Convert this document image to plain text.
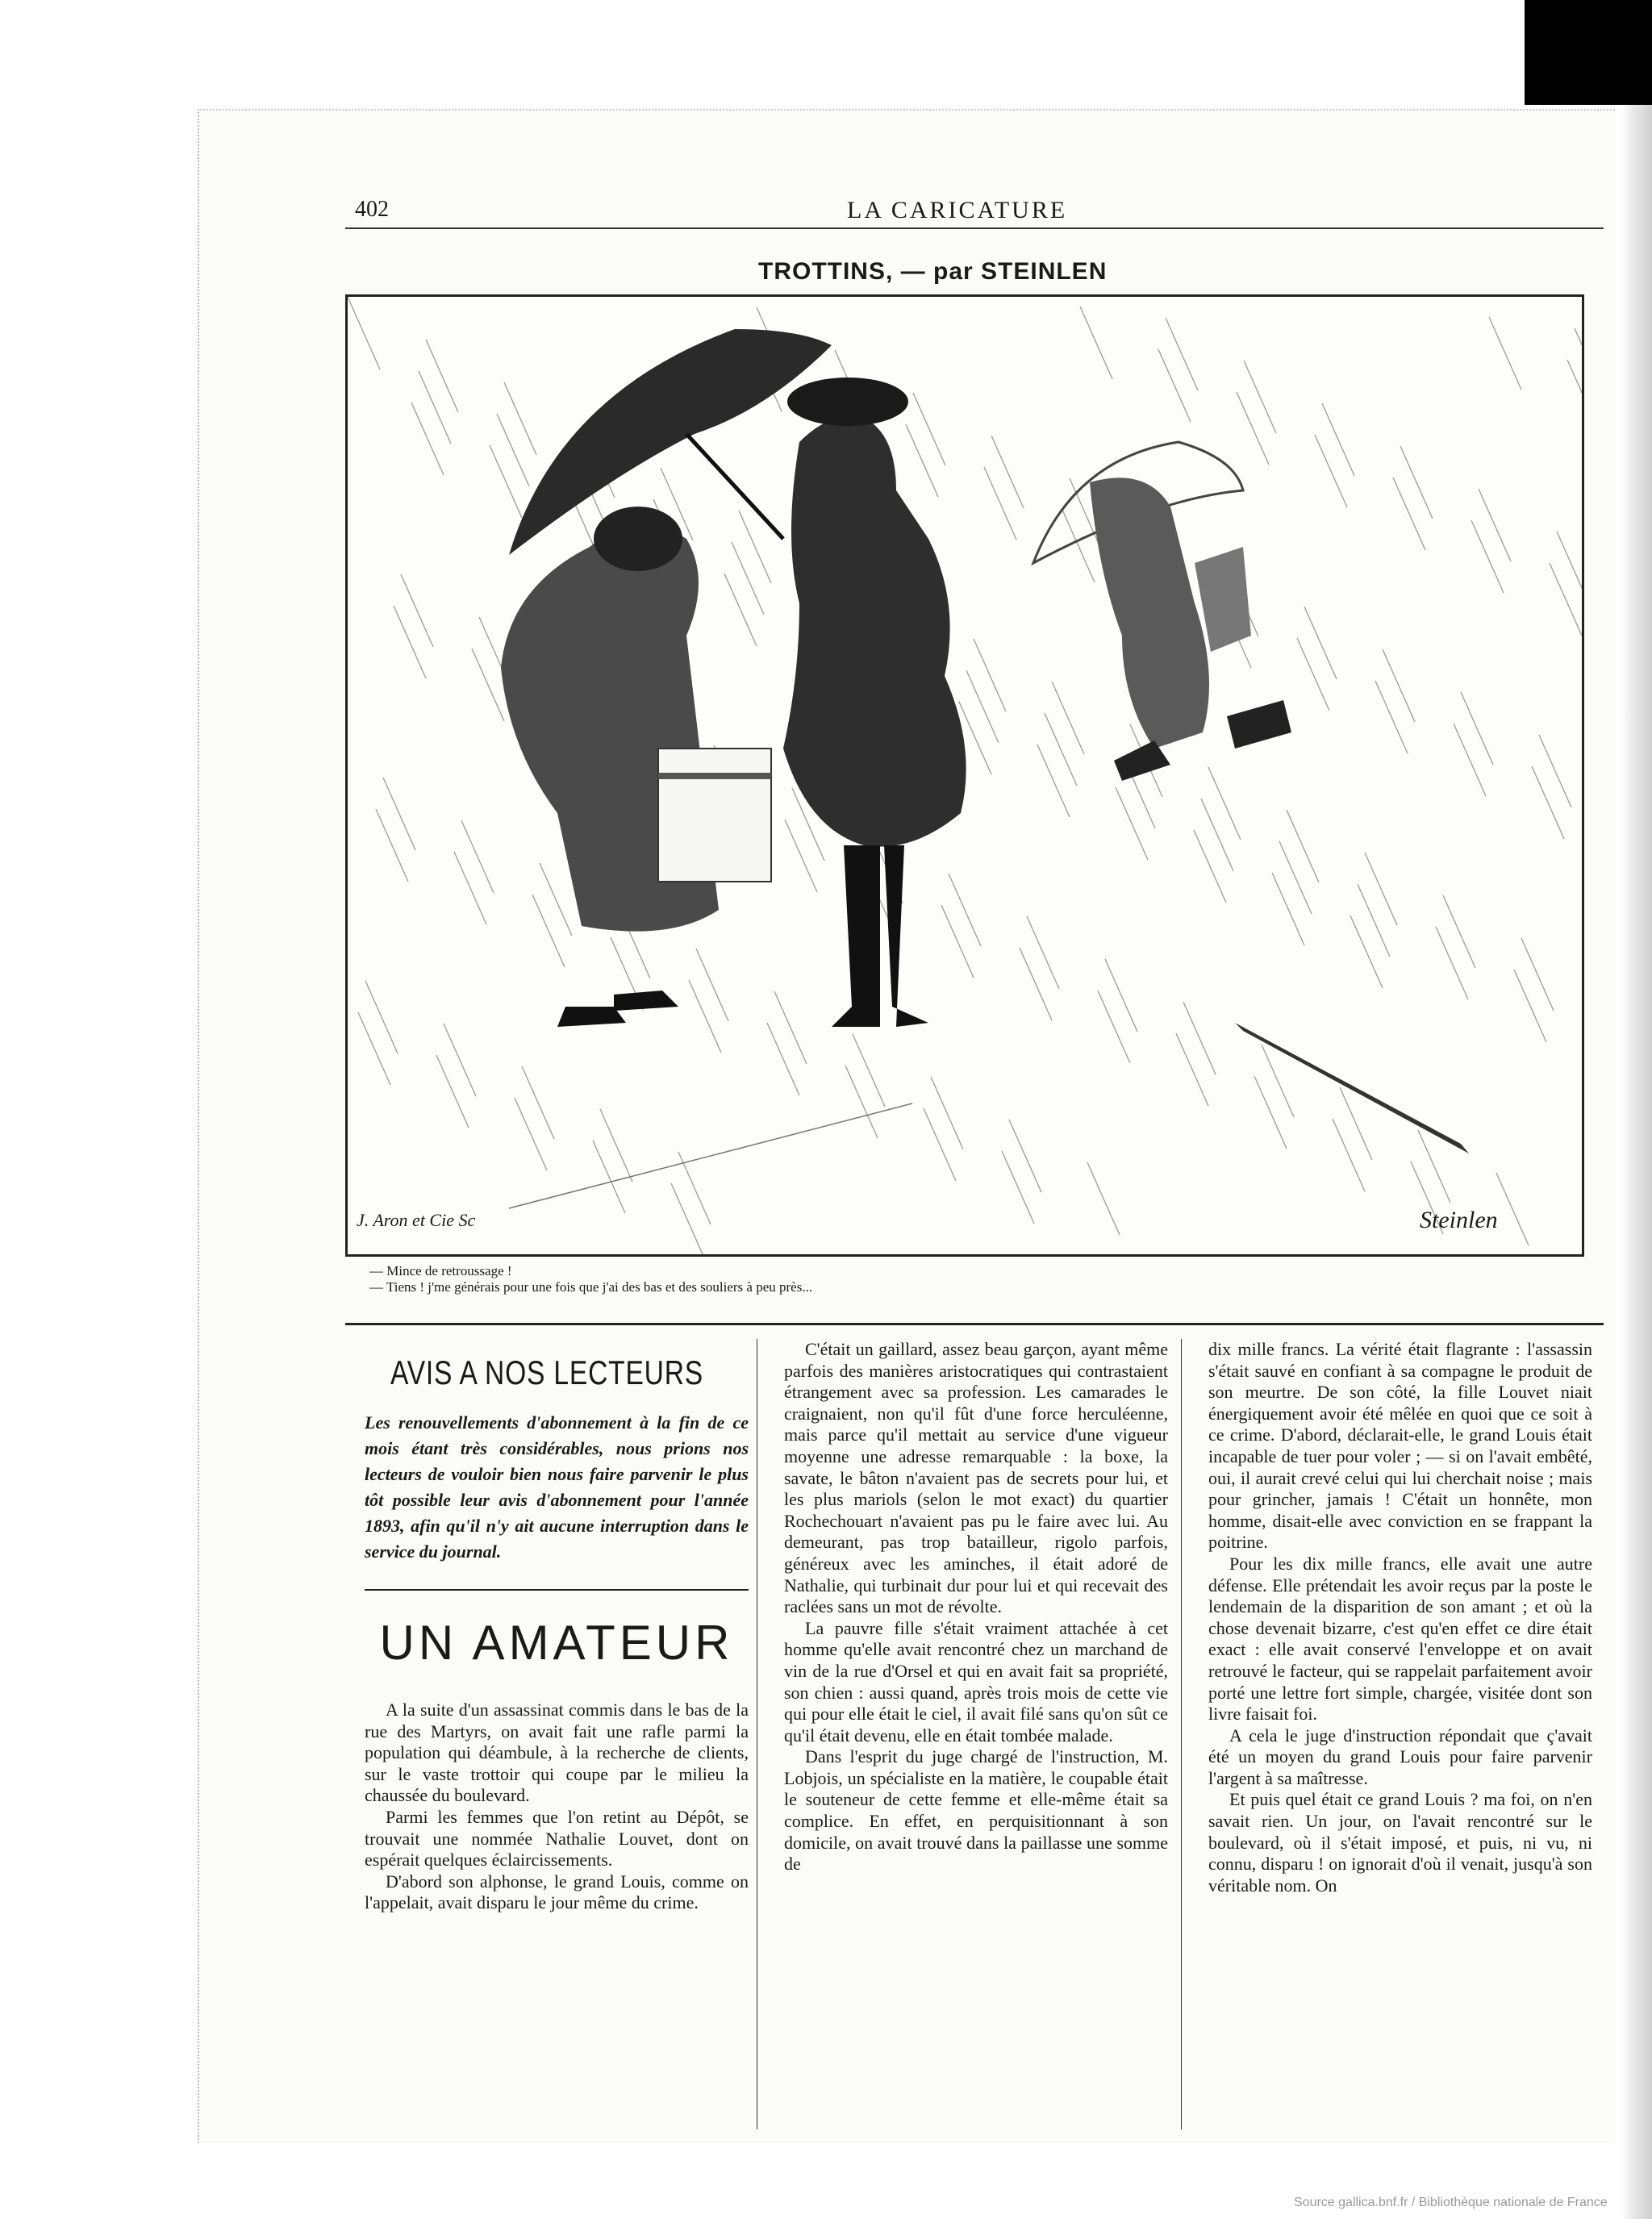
402	LA CARICATURE
TROTTINS, — par STEINLEN
J. Aron et Cie Sc	Steinlen
— Mince de retroussage !
— Tiens ! j'me générais pour une fois que j'ai des bas et des souliers à peu près...
AVIS A NOS LECTEURS

Les renouvellements d'abonnement à la fin de ce mois étant très considérables, nous prions nos lecteurs de vouloir bien nous faire parvenir le plus tôt possible leur avis d'abonnement pour l'année 1893, afin qu'il n'y ait aucune interruption dans le service du journal.

UN AMATEUR

A la suite d'un assassinat commis dans le bas de la rue des Martyrs, on avait fait une rafle parmi la population qui déambule, à la recherche de clients, sur le vaste trottoir qui coupe par le milieu la chaussée du boulevard.

Parmi les femmes que l'on retint au Dépôt, se trouvait une nommée Nathalie Louvet, dont on espérait quelques éclaircissements.

D'abord son alphonse, le grand Louis, comme on l'appelait, avait disparu le jour même du crime.

C'était un gaillard, assez beau garçon, ayant même parfois des manières aristocratiques qui contrastaient étrangement avec sa profession. Les camarades le craignaient, non qu'il fût d'une force herculéenne, mais parce qu'il mettait au service d'une vigueur moyenne une adresse remarquable : la boxe, la savate, le bâton n'avaient pas de secrets pour lui, et les plus mariols (selon le mot exact) du quartier Rochechouart n'avaient pas pu le faire avec lui. Au demeurant, pas trop batailleur, rigolo parfois, généreux avec les aminches, il était adoré de Nathalie, qui turbinait dur pour lui et qui recevait des raclées sans un mot de révolte.

La pauvre fille s'était vraiment attachée à cet homme qu'elle avait rencontré chez un marchand de vin de la rue d'Orsel et qui en avait fait sa propriété, son chien : aussi quand, après trois mois de cette vie qui pour elle était le ciel, il avait filé sans qu'on sût ce qu'il était devenu, elle en était tombée malade.

Dans l'esprit du juge chargé de l'instruction, M. Lobjois, un spécialiste en la matière, le coupable était le souteneur de cette femme et elle-même était sa complice. En effet, en perquisitionnant à son domicile, on avait trouvé dans la paillasse une somme de

dix mille francs. La vérité était flagrante : l'assassin s'était sauvé en confiant à sa compagne le produit de son meurtre. De son côté, la fille Louvet niait énergiquement avoir été mêlée en quoi que ce soit à ce crime. D'abord, déclarait-elle, le grand Louis était incapable de tuer pour voler ; — si on l'avait embêté, oui, il aurait crevé celui qui lui cherchait noise ; mais pour grincher, jamais ! C'était un honnête, mon homme, disait-elle avec conviction en se frappant la poitrine.

Pour les dix mille francs, elle avait une autre défense. Elle prétendait les avoir reçus par la poste le lendemain de la disparition de son amant ; et où la chose devenait bizarre, c'est qu'en effet ce dire était exact : elle avait conservé l'enveloppe et on avait retrouvé le facteur, qui se rappelait parfaitement avoir porté une lettre fort simple, chargée, visitée dont son livre faisait foi.

A cela le juge d'instruction répondait que ç'avait été un moyen du grand Louis pour faire parvenir l'argent à sa maîtresse.

Et puis quel était ce grand Louis ? ma foi, on n'en savait rien. Un jour, on l'avait rencontré sur le boulevard, où il s'était imposé, et puis, ni vu, ni connu, disparu ! on ignorait d'où il venait, jusqu'à son véritable nom. On

Source gallica.bnf.fr / Bibliothèque nationale de France
